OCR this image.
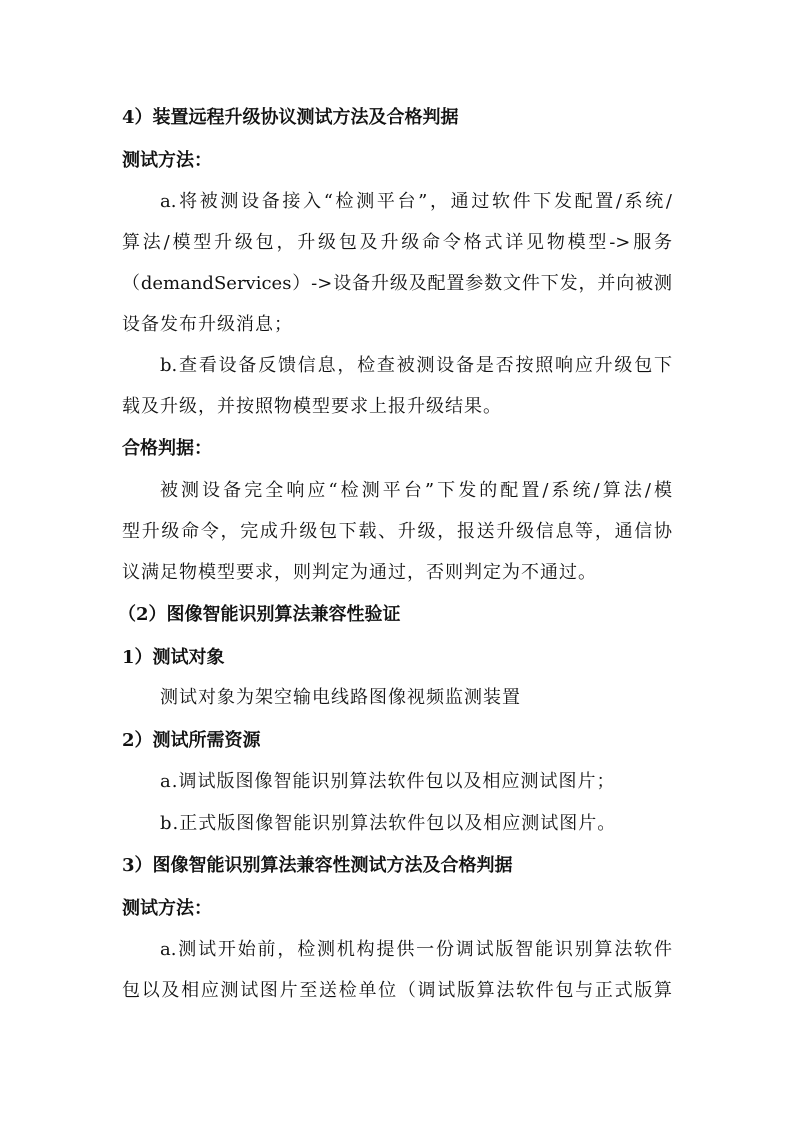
4）装置远程升级协议测试方法及合格判据

测试方法：

a.将被测设备接入“检测平台”，通过软件下发配置/系统/

算法/模型升级包，升级包及升级命令格式详见物模型->服务

（demandServices）->设备升级及配置参数文件下发，并向被测

设备发布升级消息；

b.查看设备反馈信息，检查被测设备是否按照响应升级包下

载及升级，并按照物模型要求上报升级结果。

合格判据：

被测设备完全响应“检测平台”下发的配置/系统/算法/模

型升级命令，完成升级包下载、升级，报送升级信息等，通信协

议满足物模型要求，则判定为通过，否则判定为不通过。

（2）图像智能识别算法兼容性验证

1）测试对象

测试对象为架空输电线路图像视频监测装置

2）测试所需资源

a.调试版图像智能识别算法软件包以及相应测试图片；

b.正式版图像智能识别算法软件包以及相应测试图片。

3）图像智能识别算法兼容性测试方法及合格判据

测试方法：

a.测试开始前，检测机构提供一份调试版智能识别算法软件

包以及相应测试图片至送检单位（调试版算法软件包与正式版算
